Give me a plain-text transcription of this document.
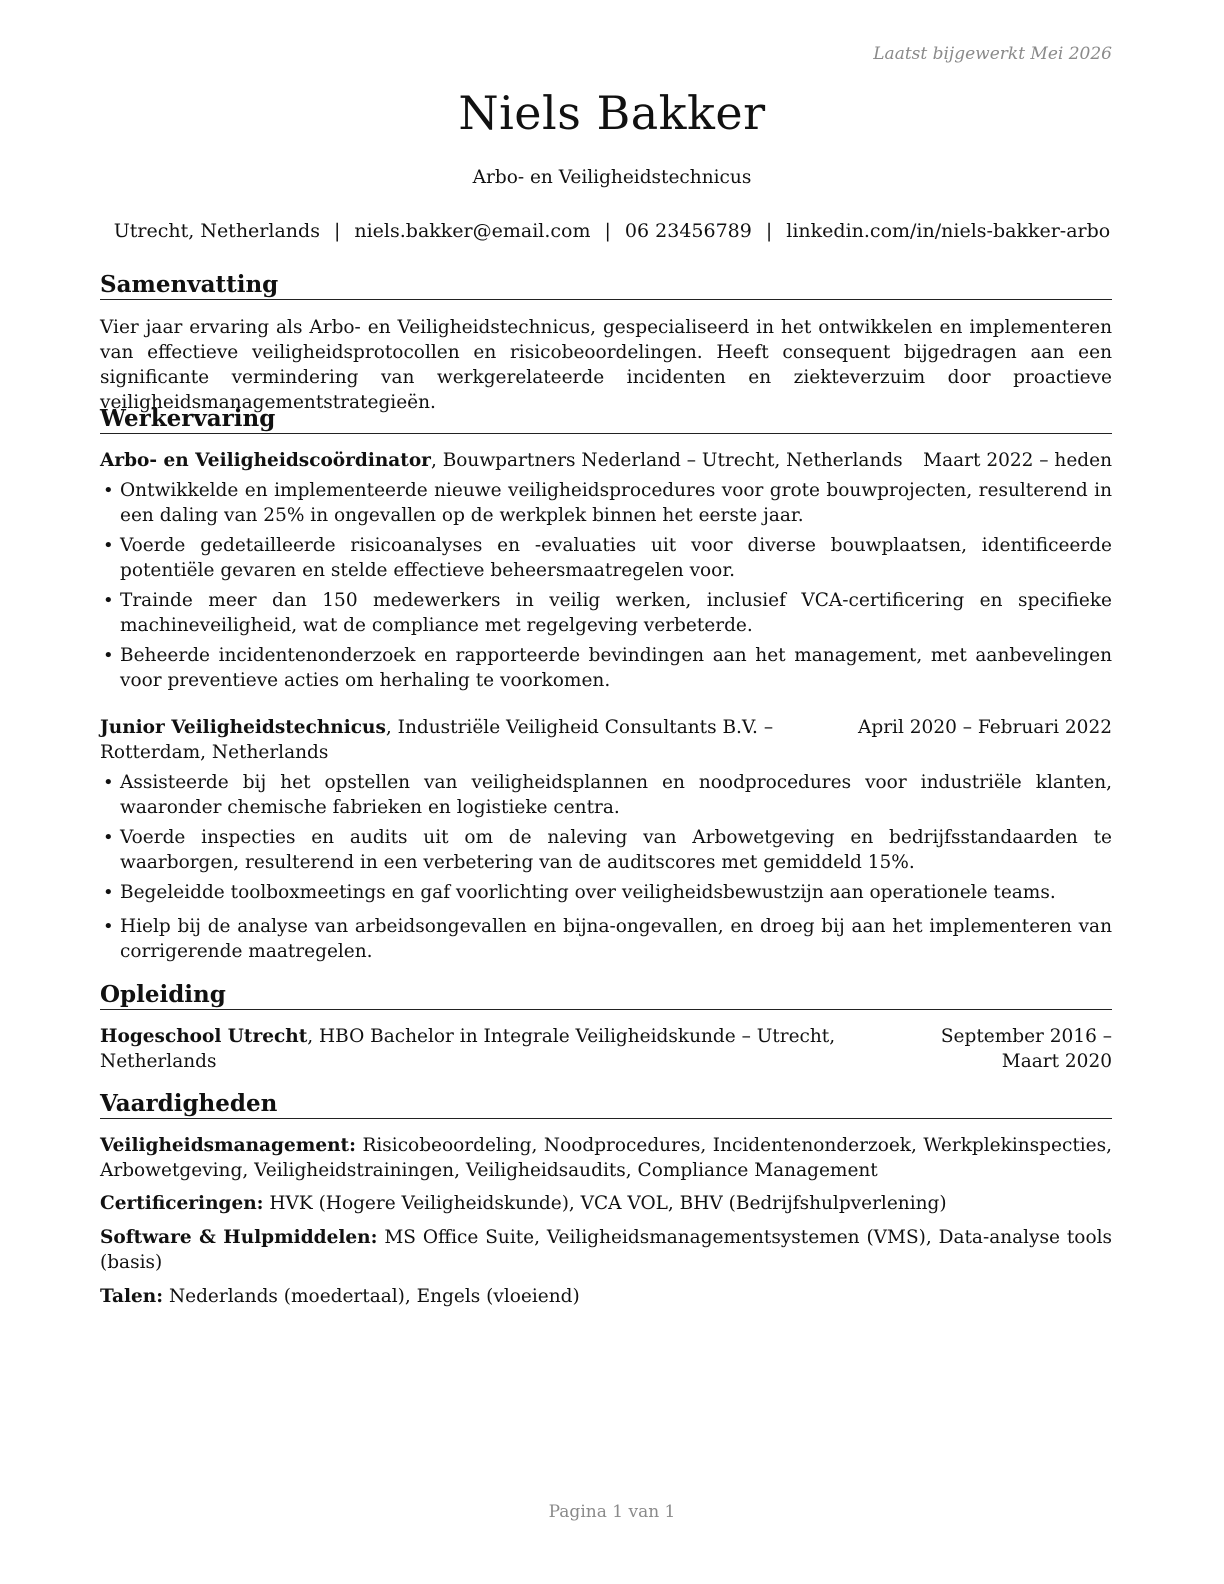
Laatst bijgewerkt Mei 2026
Niels Bakker
Arbo- en Veiligheidstechnicus
Utrecht, Netherlands | niels.bakker@email.com | 06 23456789 | linkedin.com/in/niels-bakker-arbo
Samenvatting

Vier jaar ervaring als Arbo- en Veiligheidstechnicus, gespecialiseerd in het ontwikkelen en implementeren van effectieve veiligheidsprotocollen en risicobeoordelingen. Heeft consequent bijgedragen aan een significante vermindering van werkgerelateerde incidenten en ziekteverzuim door proactieve veiligheidsmanagementstrategieën.

Werkervaring
Arbo- en Veiligheidscoördinator, Bouwpartners Nederland – Utrecht, Netherlands	Maart 2022 – heden
• Ontwikkelde en implementeerde nieuwe veiligheidsprocedures voor grote bouwprojecten, resulterend in een daling van 25% in ongevallen op de werkplek binnen het eerste jaar.
• Voerde gedetailleerde risicoanalyses en -evaluaties uit voor diverse bouwplaatsen, identificeerde potentiële gevaren en stelde effectieve beheersmaatregelen voor.
• Trainde meer dan 150 medewerkers in veilig werken, inclusief VCA-certificering en specifieke machineveiligheid, wat de compliance met regelgeving verbeterde.
• Beheerde incidentenonderzoek en rapporteerde bevindingen aan het management, met aanbevelingen voor preventieve acties om herhaling te voorkomen.
Junior Veiligheidstechnicus, Industriële Veiligheid Consultants B.V. – Rotterdam, Netherlands
April 2020 – Februari 2022
• Assisteerde bij het opstellen van veiligheidsplannen en noodprocedures voor industriële klanten, waaronder chemische fabrieken en logistieke centra.
• Voerde inspecties en audits uit om de naleving van Arbowetgeving en bedrijfsstandaarden te waarborgen, resulterend in een verbetering van de auditscores met gemiddeld 15%.
• Begeleidde toolboxmeetings en gaf voorlichting over veiligheidsbewustzijn aan operationele teams.
• Hielp bij de analyse van arbeidsongevallen en bijna-ongevallen, en droeg bij aan het implementeren van corrigerende maatregelen.
Opleiding
Hogeschool Utrecht, HBO Bachelor in Integrale Veiligheidskunde – Utrecht, Netherlands
September 2016 – Maart 2020
Vaardigheden
Veiligheidsmanagement: Risicobeoordeling, Noodprocedures, Incidentenonderzoek, Werkplekinspecties, Arbowetgeving, Veiligheidstrainingen, Veiligheidsaudits, Compliance Management
Certificeringen: HVK (Hogere Veiligheidskunde), VCA VOL, BHV (Bedrijfshulpverlening)
Software & Hulpmiddelen: MS Office Suite, Veiligheidsmanagementsystemen (VMS), Data-analyse tools (basis)
Talen: Nederlands (moedertaal), Engels (vloeiend)
Pagina 1 van 1
